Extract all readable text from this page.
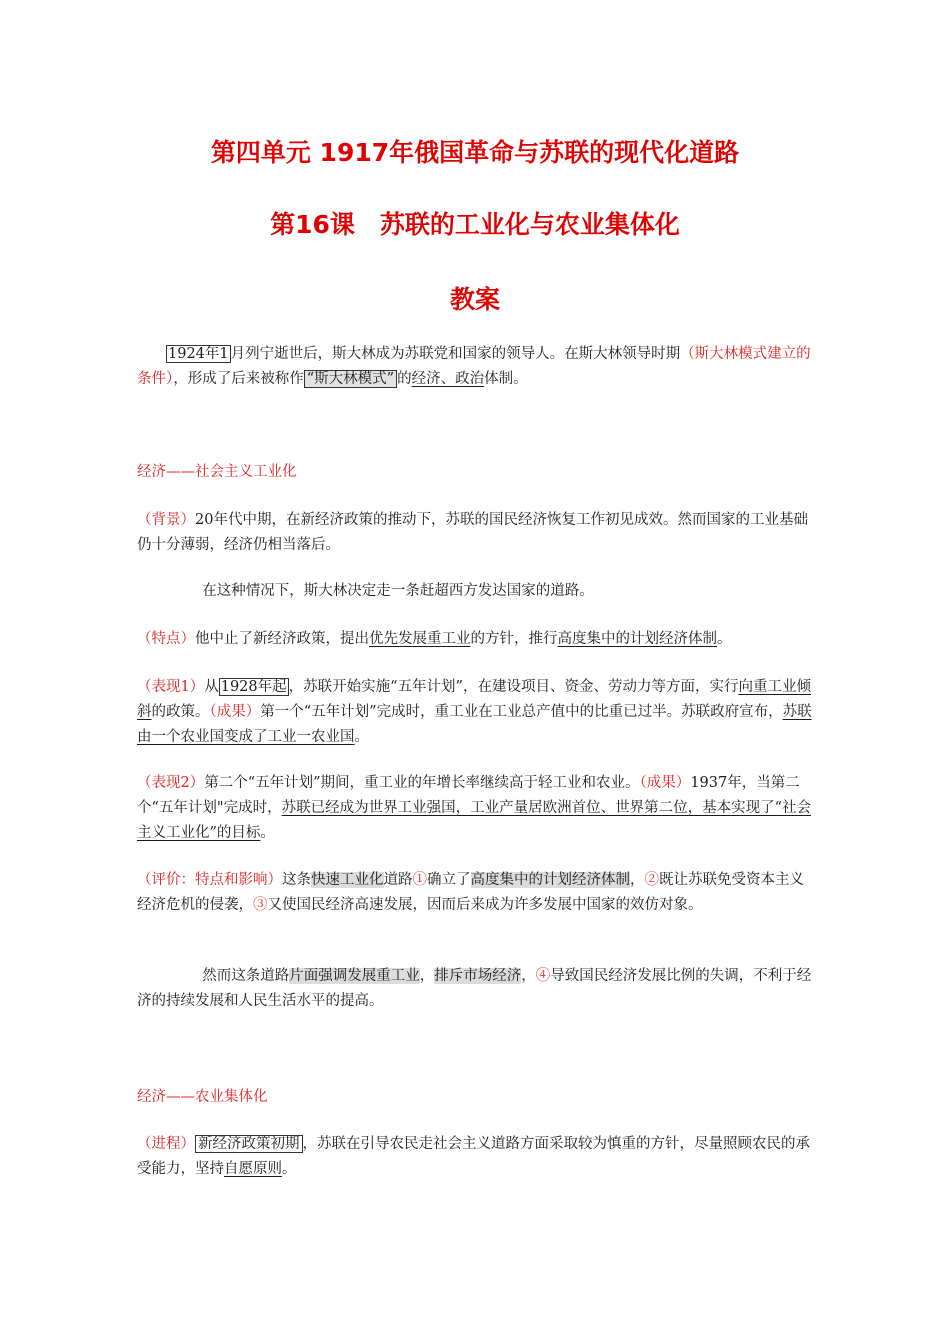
第四单元 1917年俄国革命与苏联的现代化道路
第16课　苏联的工业化与农业集体化
教案

1924年1 月列宁逝世后，斯大林成为苏联党和国家的领导人。在斯大林领导时期（斯大林模式建立的条件），形成了后来被称作 “斯大林模式” 的经济、政治体制。

经济——社会主义工业化

（背景）20年代中期，在新经济政策的推动下，苏联的国民经济恢复工作初见成效。然而国家的工业基础仍十分薄弱，经济仍相当落后。

在这种情况下，斯大林决定走一条赶超西方发达国家的道路。

（特点）他中止了新经济政策，提出优先发展重工业的方针，推行高度集中的计划经济体制。

（表现1）从 1928年起 ，苏联开始实施“五年计划”，在建设项目、资金、劳动力等方面，实行向重工业倾斜的政策。（成果）第一个“五年计划”完成时，重工业在工业总产值中的比重已过半。苏联政府宣布，苏联由一个农业国变成了工业一农业国。

（表现2）第二个“五年计划”期间，重工业的年增长率继续高于轻工业和农业。（成果）1937年，当第二个“五年计划"完成时，苏联已经成为世界工业强国，工业产量居欧洲首位、世界第二位，基本实现了“社会主义工业化”的目标。

（评价：特点和影响）这条快速工业化道路①确立了高度集中的计划经济体制，②既让苏联免受资本主义经济危机的侵袭，③又使国民经济高速发展，因而后来成为许多发展中国家的效仿对象。

然而这条道路片面强调发展重工业，排斥市场经济，④导致国民经济发展比例的失调，不利于经济的持续发展和人民生活水平的提高。

经济——农业集体化

（进程） 新经济政策初期 ，苏联在引导农民走社会主义道路方面采取较为慎重的方针，尽量照顾农民的承受能力，坚持自愿原则。
